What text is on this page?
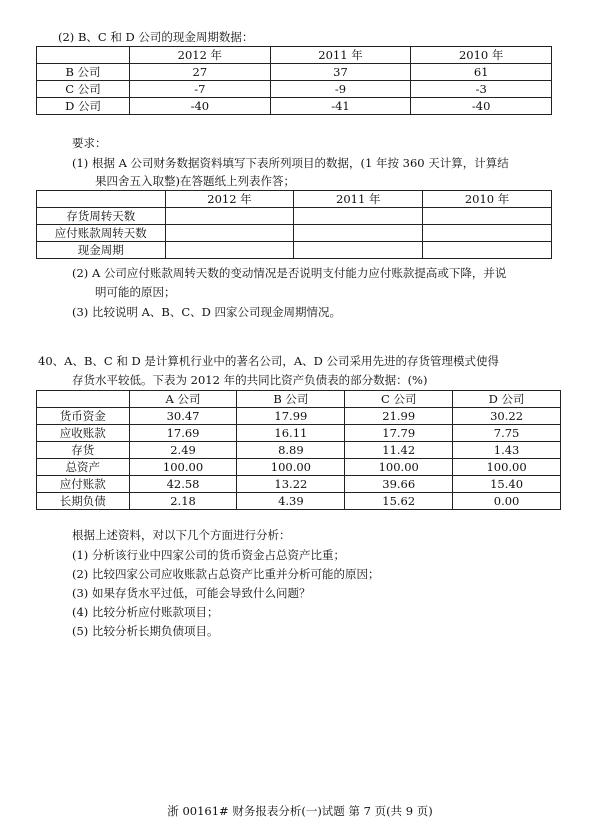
(2) B、C 和 D 公司的现金周期数据：
	2012 年	2011 年	2010 年
B 公司	27	37	61
C 公司	-7	-9	-3
D 公司	-40	-41	-40
要求：
(1) 根据 A 公司财务数据资料填写下表所列项目的数据，(1 年按 360 天计算，计算结
果四舍五入取整)在答题纸上列表作答；
	2012 年	2011 年	2010 年
存货周转天数			
应付账款周转天数			
现金周期			
(2) A 公司应付账款周转天数的变动情况是否说明支付能力应付账款提高或下降，并说
明可能的原因；
(3) 比较说明 A、B、C、D 四家公司现金周期情况。
40、A、B、C 和 D 是计算机行业中的著名公司，A、D 公司采用先进的存货管理模式使得
存货水平较低。下表为 2012 年的共同比资产负债表的部分数据：(%)
	A 公司	B 公司	C 公司	D 公司
货币资金	30.47	17.99	21.99	30.22
应收账款	17.69	16.11	17.79	7.75
存货	2.49	8.89	11.42	1.43
总资产	100.00	100.00	100.00	100.00
应付账款	42.58	13.22	39.66	15.40
长期负债	2.18	4.39	15.62	0.00
根据上述资料，对以下几个方面进行分析：
(1) 分析该行业中四家公司的货币资金占总资产比重；
(2) 比较四家公司应收账款占总资产比重并分析可能的原因；
(3) 如果存货水平过低，可能会导致什么问题？
(4) 比较分析应付账款项目；
(5) 比较分析长期负债项目。
浙 00161# 财务报表分析(一)试题 第 7 页(共 9 页)
